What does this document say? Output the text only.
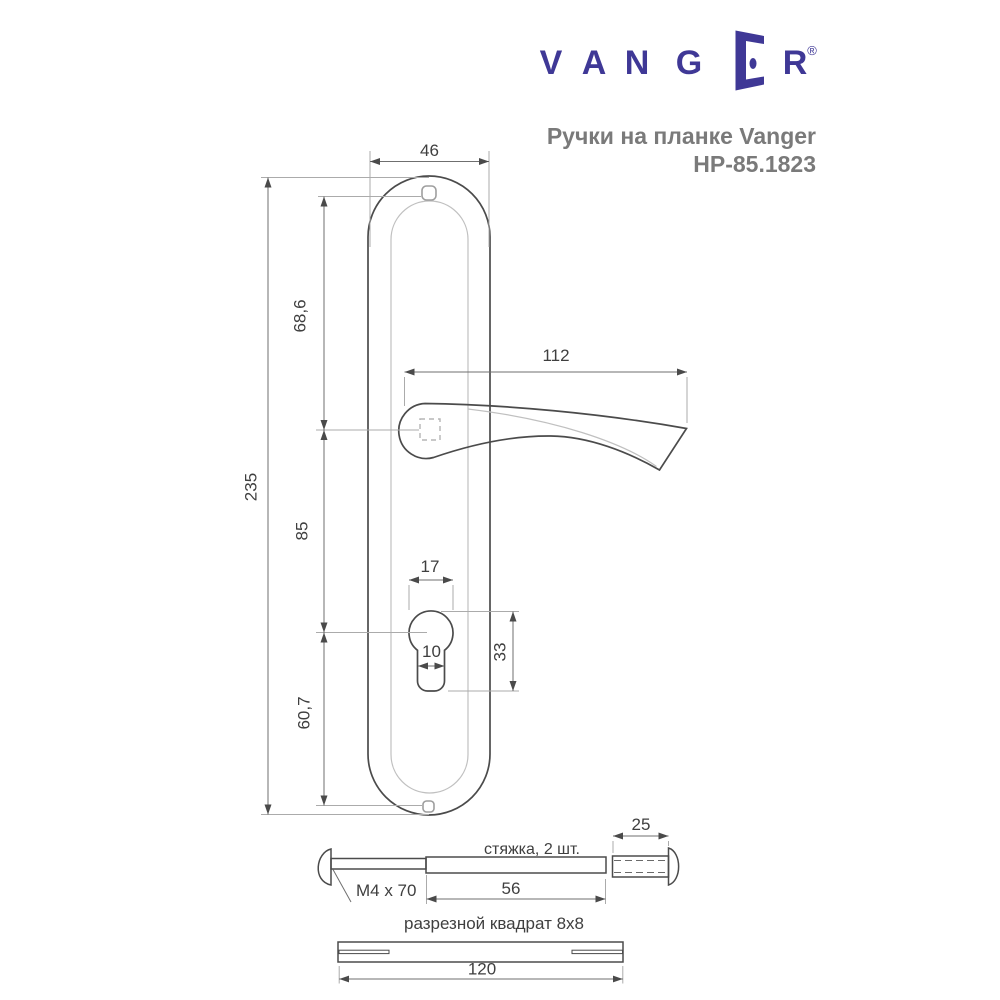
V A N G R ®
Ручки на планке Vanger
HP-85.1823
46
235
68,6
85
60,7
112
17
10	33
стяжка, 2 шт.
M4 x 70	56
25
разрезной квадрат 8x8
120
